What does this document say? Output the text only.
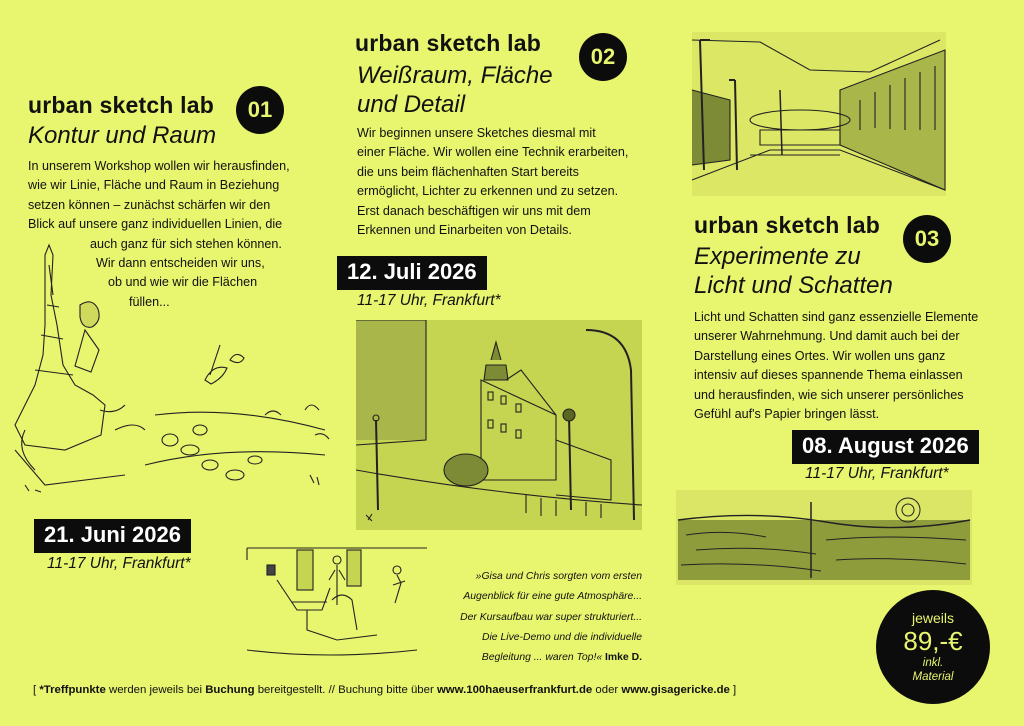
urban sketch lab 01
Kontur und Raum

In unserem Workshop wollen wir herausfinden,

wie wir Linie, Fläche und Raum in Beziehung

setzen können – zunächst schärfen wir den

Blick auf unsere ganz individuellen Linien, die

auch ganz für sich stehen können.

Wir dann entscheiden wir uns,

ob und wie wir die Flächen

füllen...

21. Juni 2026
11-17 Uhr, Frankfurt*
urban sketch lab
02
Weißraum, Fläche
und Detail

Wir beginnen unsere Sketches diesmal mit

einer Fläche. Wir wollen eine Technik erarbeiten,

die uns beim flächenhaften Start bereits

ermöglicht, Lichter zu erkennen und zu setzen.

Erst danach beschäftigen wir uns mit dem

Erkennen und Einarbeiten von Details.

12. Juli 2026
11-17 Uhr, Frankfurt*

»Gisa und Chris sorgten vom ersten

Augenblick für eine gute Atmosphäre...

Der Kursaufbau war super strukturiert...

Die Live-Demo und die individuelle

Begleitung ... waren Top!« Imke D.

urban sketch lab
03
Experimente zu
Licht und Schatten

Licht und Schatten sind ganz essenzielle Elemente

unserer Wahrnehmung. Und damit auch bei der

Darstellung eines Ortes. Wir wollen uns ganz

intensiv auf dieses spannende Thema einlassen

und herausfinden, wie sich unserer persönliches

Gefühl auf's Papier bringen lässt.

08. August 2026
11-17 Uhr, Frankfurt*
jeweils
89,-€
inkl.
Material
[ *Treffpunkte werden jeweils bei Buchung bereitgestellt. // Buchung bitte über www.100haeuserfrankfurt.de oder www.gisagericke.de ]
